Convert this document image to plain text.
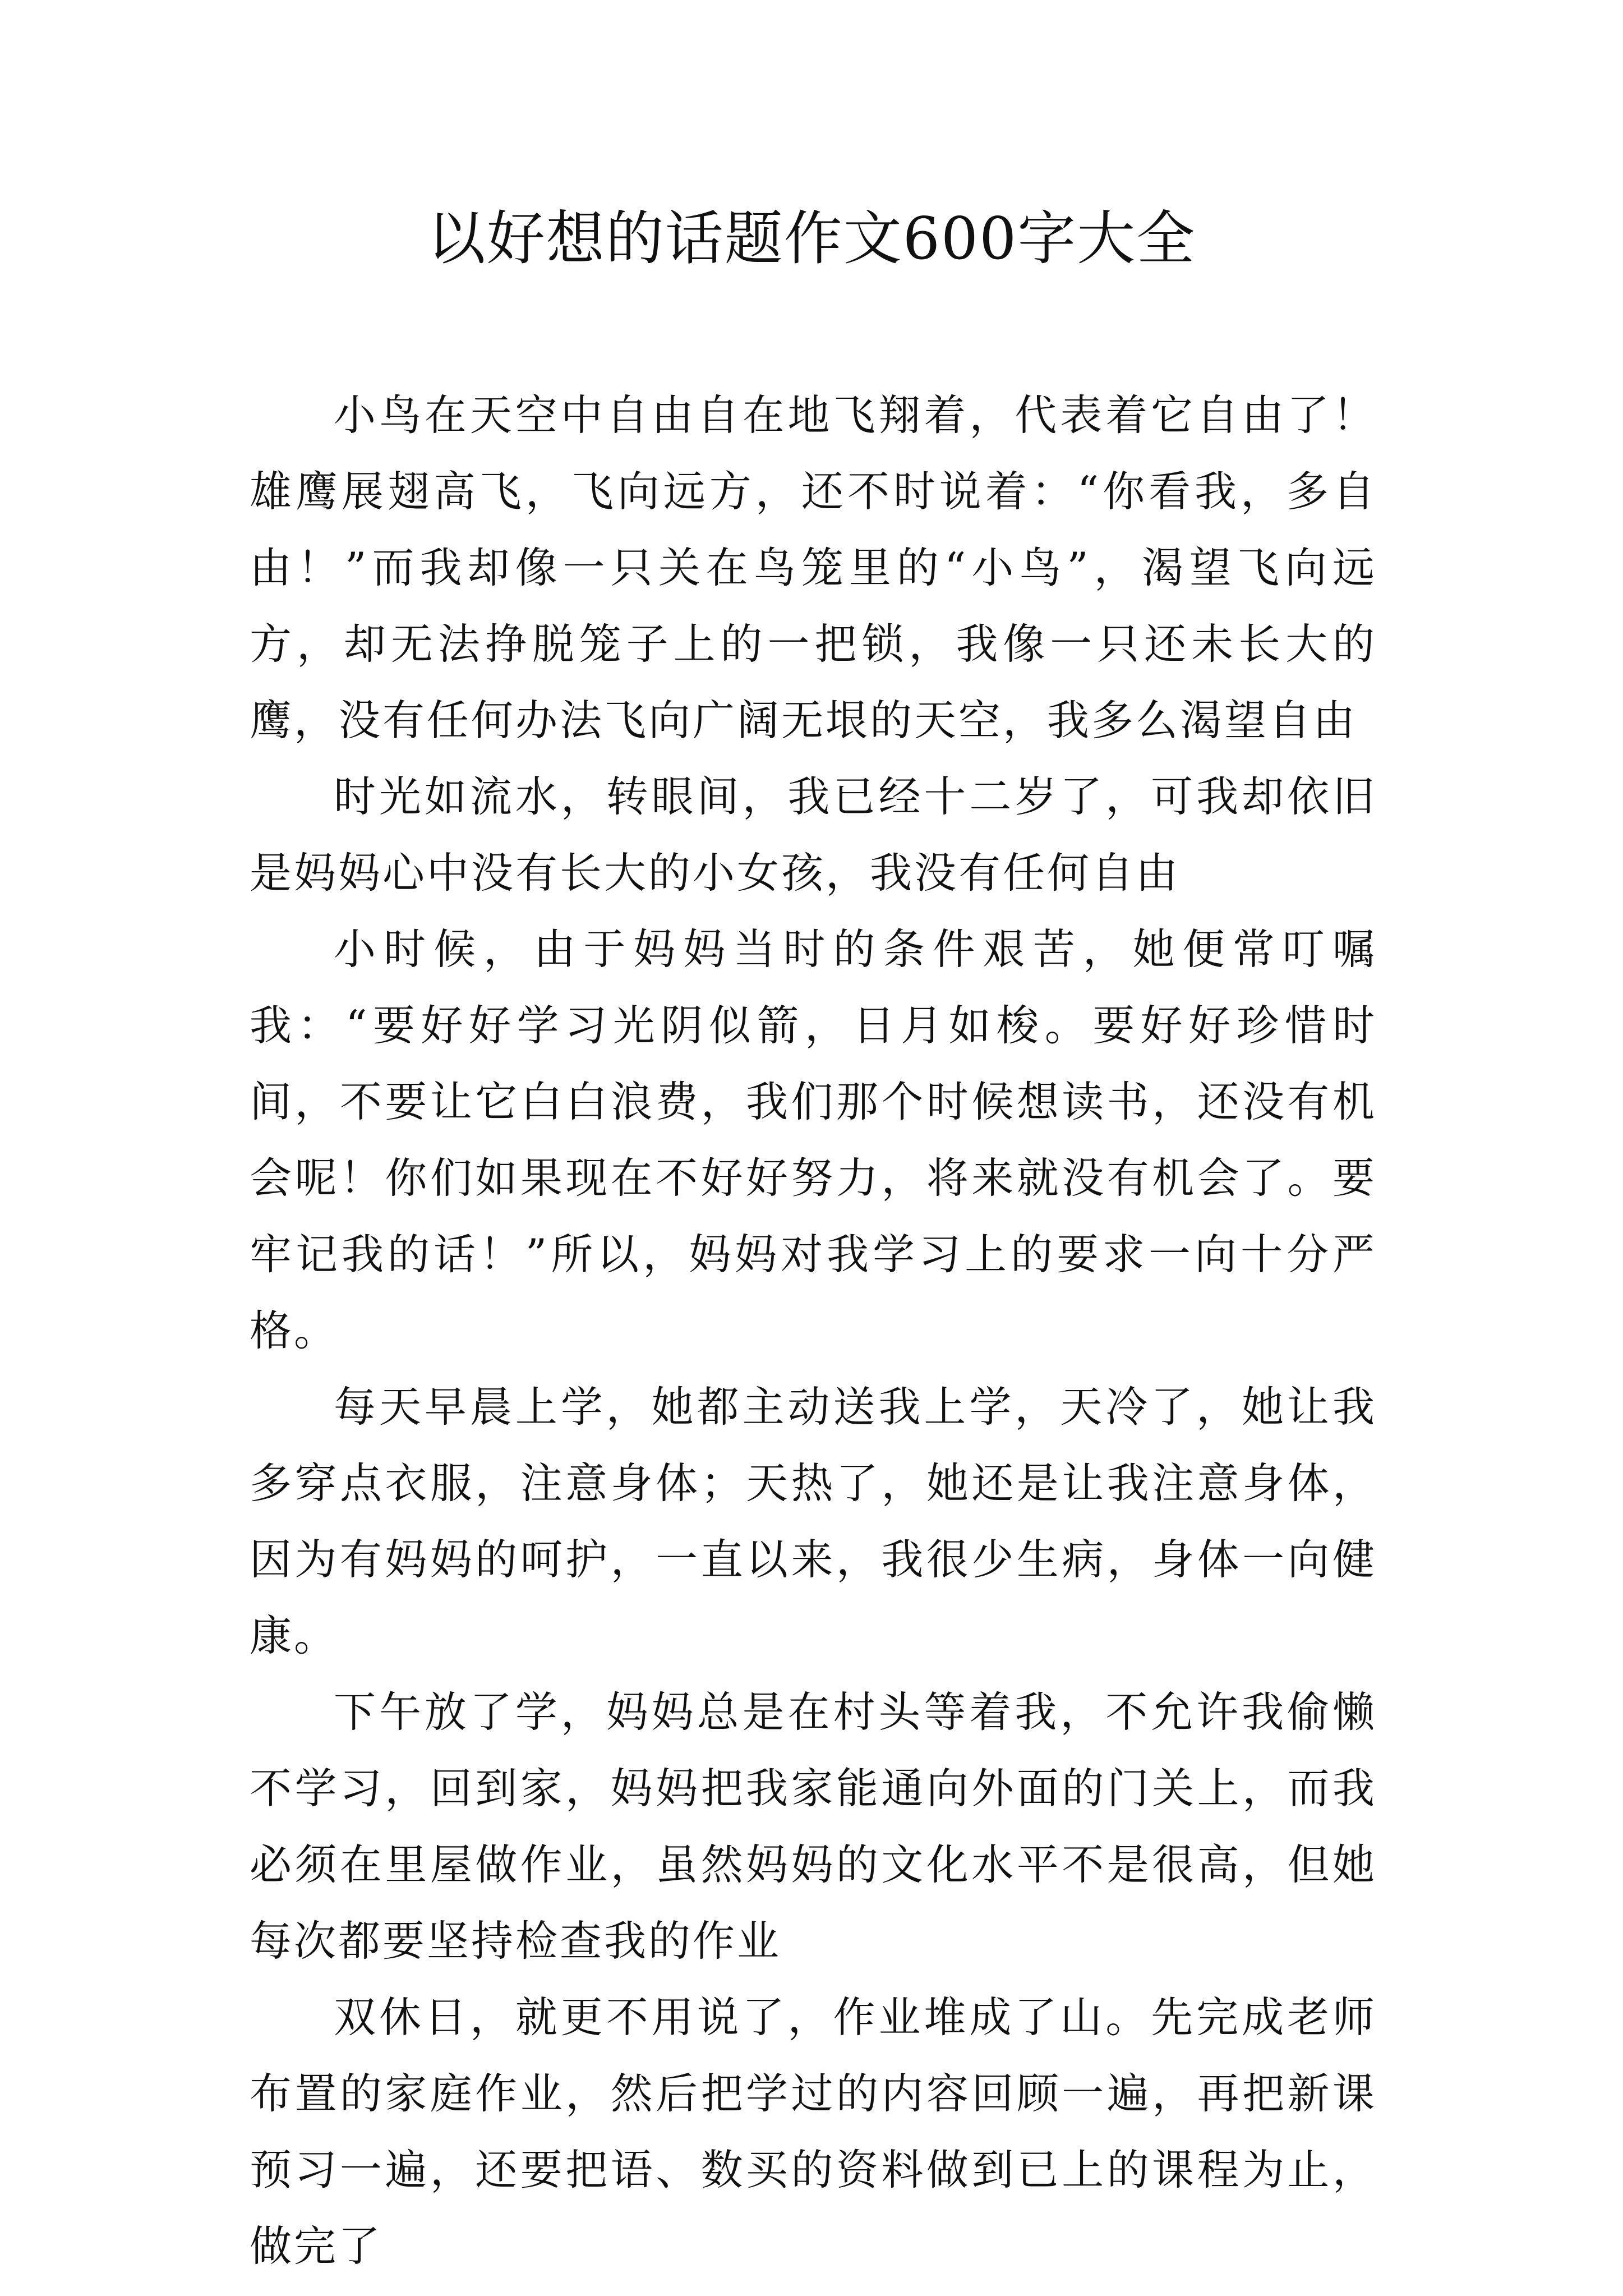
以好想的话题作文600字大全

小鸟在天空中自由自在地飞翔着，代表着它自由了！雄鹰展翅高飞，飞向远方，还不时说着：“你看我，多自由！”而我却像一只关在鸟笼里的“小鸟”，渴望飞向远方，却无法挣脱笼子上的一把锁，我像一只还未长大的鹰，没有任何办法飞向广阔无垠的天空，我多么渴望自由

时光如流水，转眼间，我已经十二岁了，可我却依旧是妈妈心中没有长大的小女孩，我没有任何自由

小时候，由于妈妈当时的条件艰苦，她便常叮嘱我：“要好好学习光阴似箭，日月如梭。要好好珍惜时间，不要让它白白浪费，我们那个时候想读书，还没有机会呢！你们如果现在不好好努力，将来就没有机会了。要牢记我的话！”所以，妈妈对我学习上的要求一向十分严格。

每天早晨上学，她都主动送我上学，天冷了，她让我多穿点衣服，注意身体；天热了，她还是让我注意身体，因为有妈妈的呵护，一直以来，我很少生病，身体一向健康。

下午放了学，妈妈总是在村头等着我，不允许我偷懒不学习，回到家，妈妈把我家能通向外面的门关上，而我必须在里屋做作业，虽然妈妈的文化水平不是很高，但她每次都要坚持检查我的作业

双休日，就更不用说了，作业堆成了山。先完成老师布置的家庭作业，然后把学过的内容回顾一遍，再把新课预习一遍，还要把语、数买的资料做到已上的课程为止，做完了
